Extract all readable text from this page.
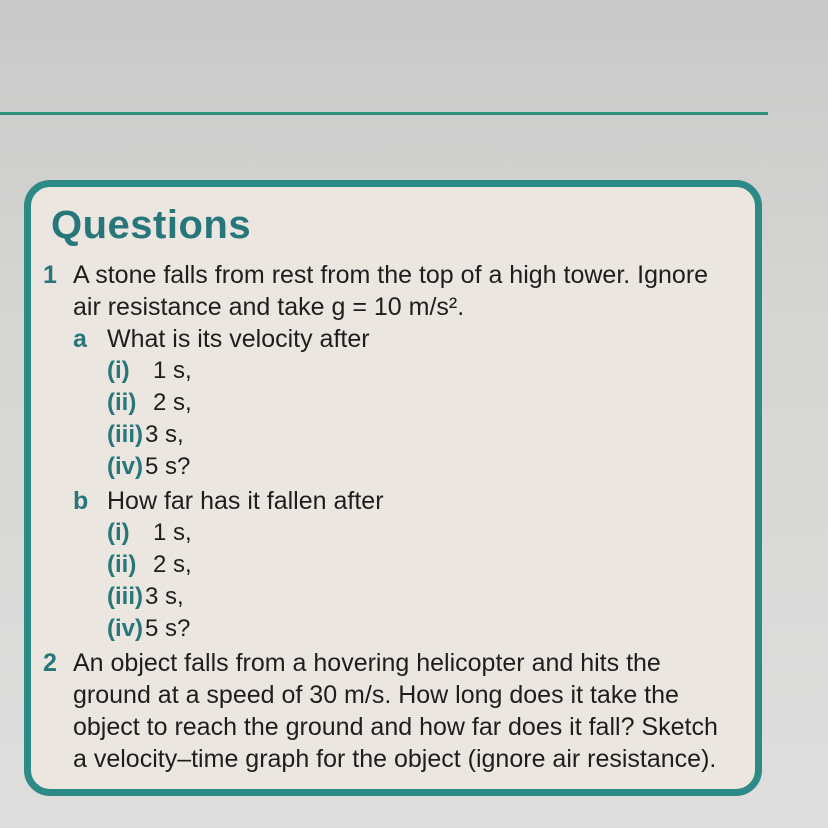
Questions
1 A stone falls from rest from the top of a high tower. Ignore
air resistance and take g = 10 m/s².
a What is its velocity after
(i) 1 s,
(ii) 2 s,
(iii)3 s,
(iv)5 s?
b How far has it fallen after
(i) 1 s,
(ii) 2 s,
(iii)3 s,
(iv)5 s?
2 An object falls from a hovering helicopter and hits the
ground at a speed of 30 m/s. How long does it take the
object to reach the ground and how far does it fall? Sketch
a velocity–time graph for the object (ignore air resistance).
